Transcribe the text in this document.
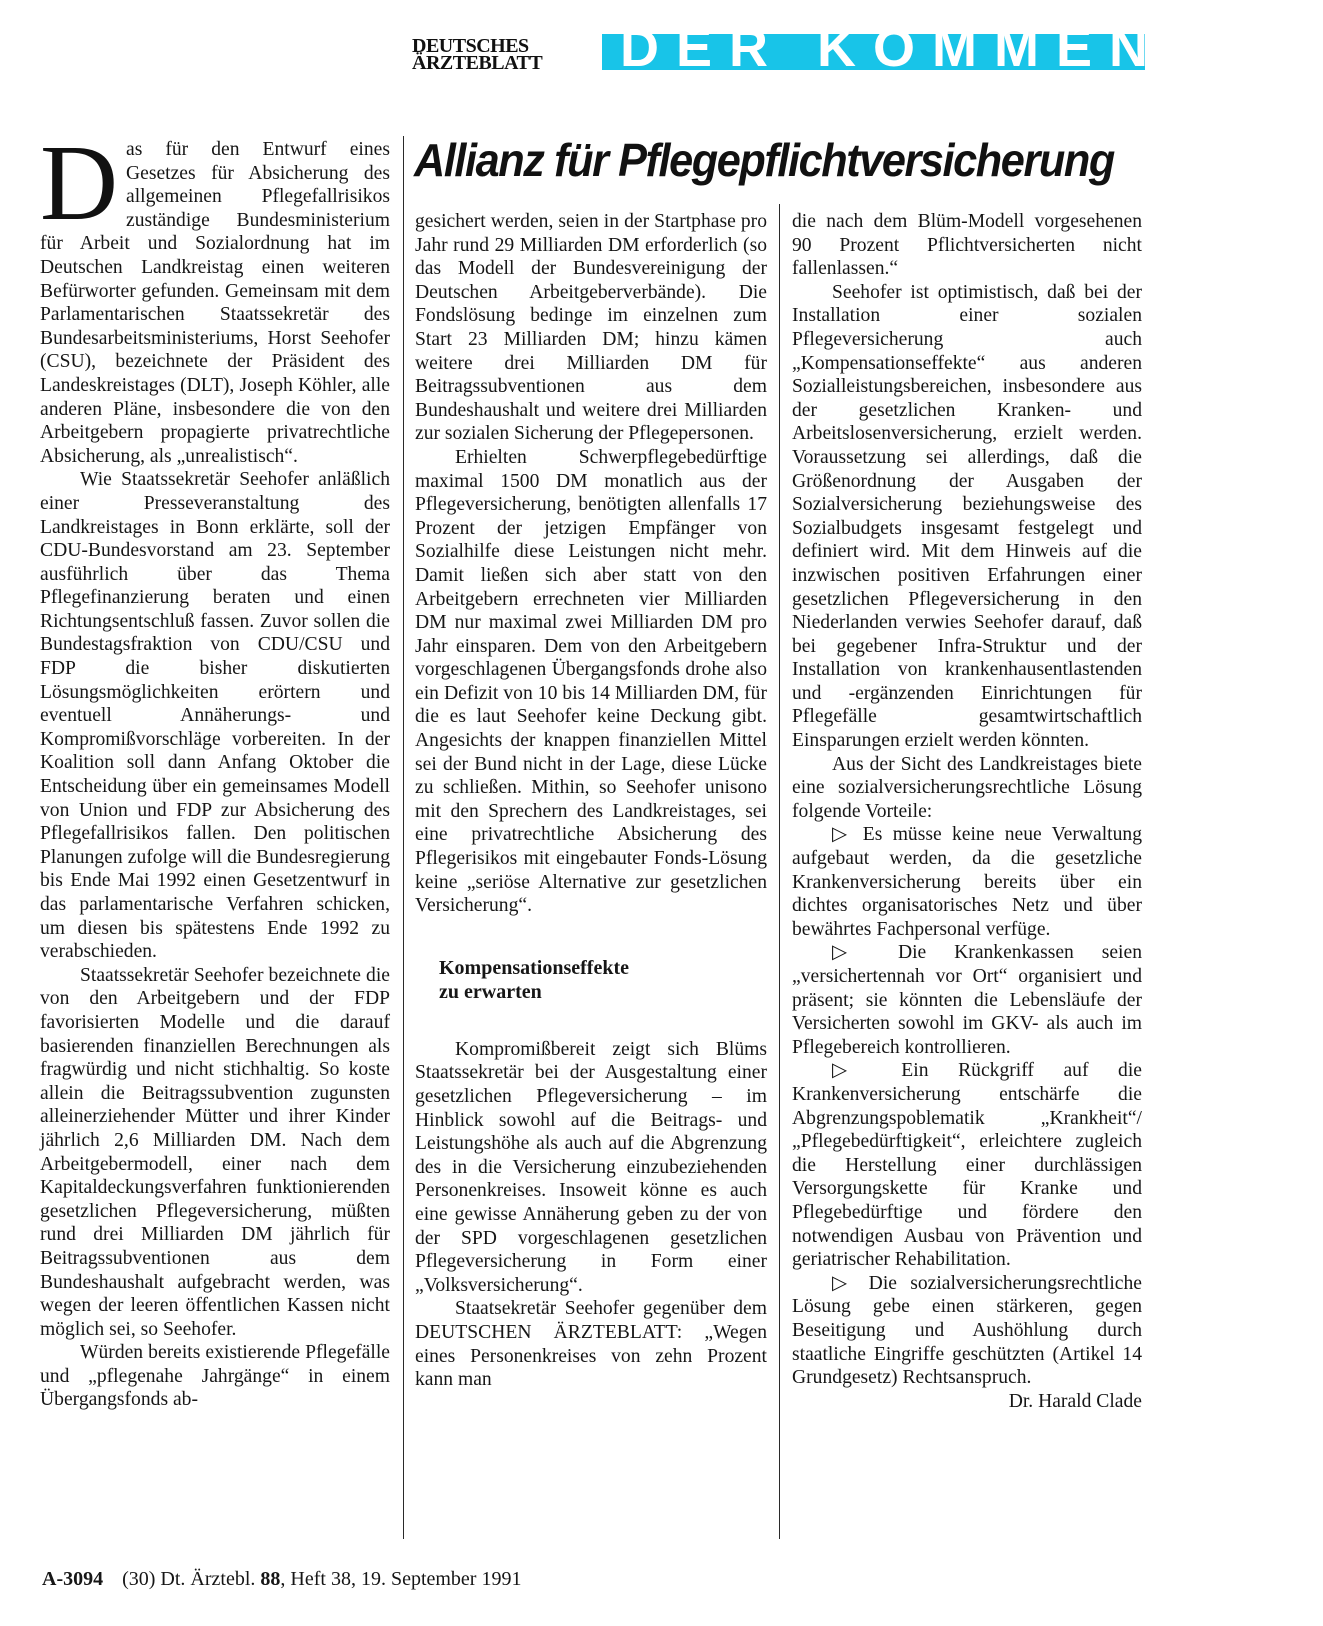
DEUTSCHES
ÄRZTEBLATT	DER KOMMENTAR
Allianz für Pflegepflichtversicherung
D as für den Entwurf eines Gesetzes für Absicherung des allgemeinen Pflegefallrisikos zuständige Bundesministerium für Arbeit und Sozialordnung hat im Deutschen Landkreistag einen weiteren Befürworter gefunden. Gemeinsam mit dem Parlamentarischen Staatssekretär des Bundesarbeitsministeriums, Horst Seehofer (CSU), bezeichnete der Präsident des Landeskreistages (DLT), Joseph Köhler, alle anderen Pläne, insbesondere die von den Arbeitgebern propagierte privatrechtliche Absicherung, als „unrealistisch“.

Wie Staatssekretär Seehofer anläßlich einer Presseveranstaltung des Landkreistages in Bonn erklärte, soll der CDU-Bundesvorstand am 23. September ausführlich über das Thema Pflegefinanzierung beraten und einen Richtungsentschluß fassen. Zuvor sollen die Bundestagsfraktion von CDU/CSU und FDP die bisher diskutierten Lösungsmöglichkeiten erörtern und eventuell Annäherungs- und Kompromißvorschläge vorbereiten. In der Koalition soll dann Anfang Oktober die Entscheidung über ein gemeinsames Modell von Union und FDP zur Absicherung des Pflegefallrisikos fallen. Den politischen Planungen zufolge will die Bundesregierung bis Ende Mai 1992 einen Gesetzentwurf in das parlamentarische Verfahren schicken, um diesen bis spätestens Ende 1992 zu verabschieden.

Staatssekretär Seehofer bezeichnete die von den Arbeitgebern und der FDP favorisierten Modelle und die darauf basierenden finanziellen Berechnungen als fragwürdig und nicht stichhaltig. So koste allein die Beitragssubvention zugunsten alleinerziehender Mütter und ihrer Kinder jährlich 2,6 Milliarden DM. Nach dem Arbeitgebermodell, einer nach dem Kapitaldeckungsverfahren funktionierenden gesetzlichen Pflegeversicherung, müßten rund drei Milliarden DM jährlich für Beitragssubventionen aus dem Bundeshaushalt aufgebracht werden, was wegen der leeren öffentlichen Kassen nicht möglich sei, so Seehofer.

Würden bereits existierende Pflegefälle und „pflegenahe Jahrgänge“ in einem Übergangsfonds ab-

gesichert werden, seien in der Startphase pro Jahr rund 29 Milliarden DM erforderlich (so das Modell der Bundesvereinigung der Deutschen Arbeitgeberverbände). Die Fondslösung bedinge im einzelnen zum Start 23 Milliarden DM; hinzu kämen weitere drei Milliarden DM für Beitragssubventionen aus dem Bundeshaushalt und weitere drei Milliarden zur sozialen Sicherung der Pflegepersonen.

Erhielten Schwerpflegebedürftige maximal 1500 DM monatlich aus der Pflegeversicherung, benötigten allenfalls 17 Prozent der jetzigen Empfänger von Sozialhilfe diese Leistungen nicht mehr. Damit ließen sich aber statt von den Arbeitgebern errechneten vier Milliarden DM nur maximal zwei Milliarden DM pro Jahr einsparen. Dem von den Arbeitgebern vorgeschlagenen Übergangsfonds drohe also ein Defizit von 10 bis 14 Milliarden DM, für die es laut Seehofer keine Deckung gibt. Angesichts der knappen finanziellen Mittel sei der Bund nicht in der Lage, diese Lücke zu schließen. Mithin, so Seehofer unisono mit den Sprechern des Landkreistages, sei eine privatrechtliche Absicherung des Pflegerisikos mit eingebauter Fonds-Lösung keine „seriöse Alternative zur gesetzlichen Versicherung“.

Kompensationseffekte
zu erwarten

Kompromißbereit zeigt sich Blüms Staatssekretär bei der Ausgestaltung einer gesetzlichen Pflegeversicherung – im Hinblick sowohl auf die Beitrags- und Leistungshöhe als auch auf die Abgrenzung des in die Versicherung einzubeziehenden Personenkreises. Insoweit könne es auch eine gewisse Annäherung geben zu der von der SPD vorgeschlagenen gesetzlichen Pflegeversicherung in Form einer „Volksversicherung“.

Staatsekretär Seehofer gegenüber dem DEUTSCHEN ÄRZTEBLATT: „Wegen eines Personenkreises von zehn Prozent kann man

die nach dem Blüm-Modell vorgesehenen 90 Prozent Pflichtversicherten nicht fallenlassen.“

Seehofer ist optimistisch, daß bei der Installation einer sozialen Pflegeversicherung auch „Kompensationseffekte“ aus anderen Sozialleistungsbereichen, insbesondere aus der gesetzlichen Kranken- und Arbeitslosenversicherung, erzielt werden. Voraussetzung sei allerdings, daß die Größenordnung der Ausgaben der Sozialversicherung beziehungsweise des Sozialbudgets insgesamt festgelegt und definiert wird. Mit dem Hinweis auf die inzwischen positiven Erfahrungen einer gesetzlichen Pflegeversicherung in den Niederlanden verwies Seehofer darauf, daß bei gegebener Infra-Struktur und der Installation von krankenhausentlastenden und -ergänzenden Einrichtungen für Pflegefälle gesamtwirtschaftlich Einsparungen erzielt werden könnten.

Aus der Sicht des Landkreistages biete eine sozialversicherungsrechtliche Lösung folgende Vorteile:

▷ Es müsse keine neue Verwaltung aufgebaut werden, da die gesetzliche Krankenversicherung bereits über ein dichtes organisatorisches Netz und über bewährtes Fachpersonal verfüge.

▷ Die Krankenkassen seien „versichertennah vor Ort“ organisiert und präsent; sie könnten die Lebensläufe der Versicherten sowohl im GKV- als auch im Pflegebereich kontrollieren.

▷ Ein Rückgriff auf die Krankenversicherung entschärfe die Abgrenzungspoblematik „Krankheit“/„Pflegebedürftigkeit“, erleichtere zugleich die Herstellung einer durchlässigen Versorgungskette für Kranke und Pflegebedürftige und fördere den notwendigen Ausbau von Prävention und geriatrischer Rehabilitation.

▷ Die sozialversicherungsrechtliche Lösung gebe einen stärkeren, gegen Beseitigung und Aushöhlung durch staatliche Eingriffe geschützten (Artikel 14 Grundgesetz) Rechtsanspruch.

Dr. Harald Clade

A-3094 (30) Dt. Ärztebl. 88, Heft 38, 19. September 1991
